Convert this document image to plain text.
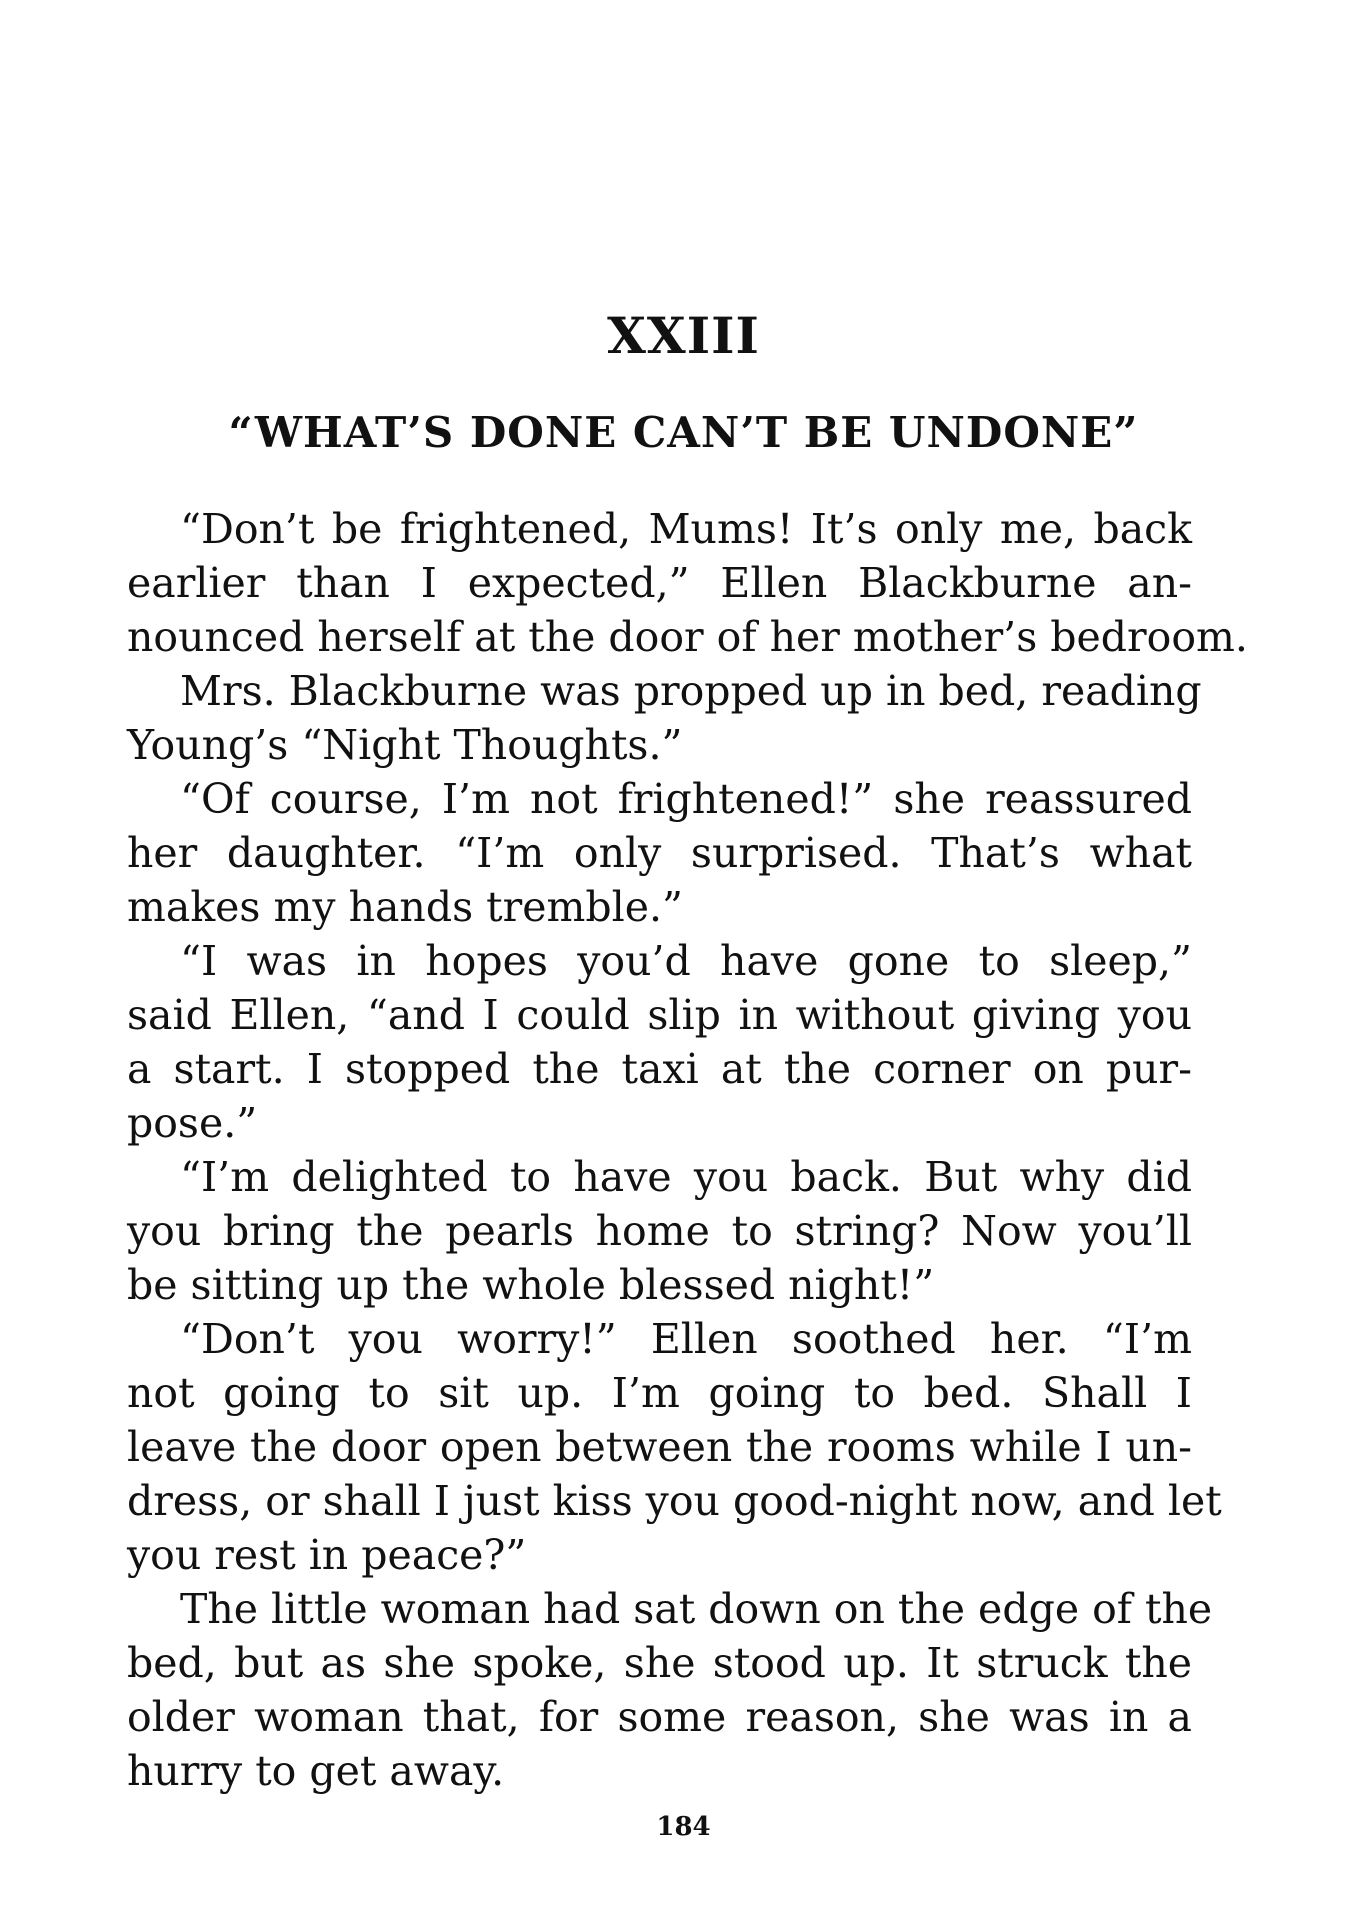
XXIII
“WHAT’S DONE CAN’T BE UNDONE”
“Don’t be frightened, Mums! It’s only me, back
earlier than I expected,” Ellen Blackburne an-
nounced herself at the door of her mother’s bedroom.
Mrs. Blackburne was propped up in bed, reading
Young’s “Night Thoughts.”
“Of course, I’m not frightened!” she reassured
her daughter. “I’m only surprised. That’s what
makes my hands tremble.”
“I was in hopes you’d have gone to sleep,”
said Ellen, “and I could slip in without giving you
a start. I stopped the taxi at the corner on pur-
pose.”
“I’m delighted to have you back. But why did
you bring the pearls home to string? Now you’ll
be sitting up the whole blessed night!”
“Don’t you worry!” Ellen soothed her. “I’m
not going to sit up. I’m going to bed. Shall I
leave the door open between the rooms while I un-
dress, or shall I just kiss you good-night now, and let
you rest in peace?”
The little woman had sat down on the edge of the
bed, but as she spoke, she stood up. It struck the
older woman that, for some reason, she was in a
hurry to get away.
184
